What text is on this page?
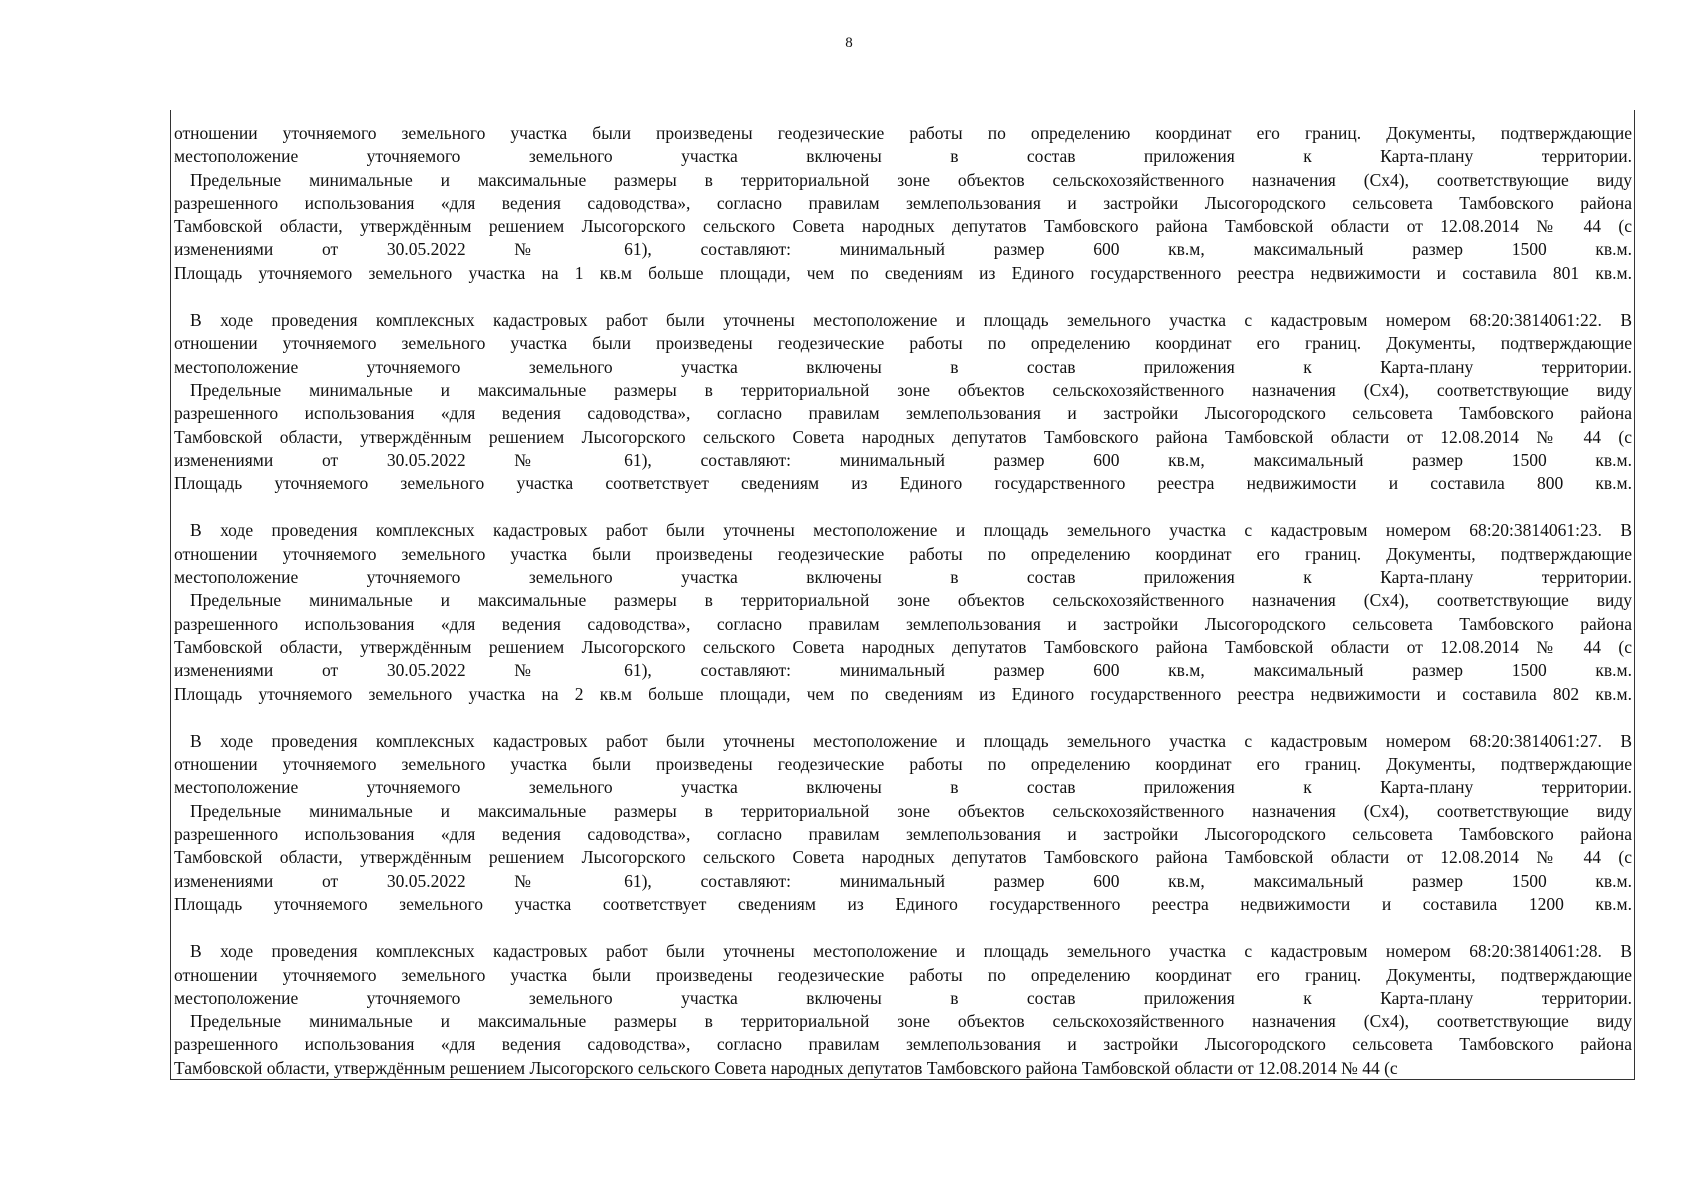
8
отношении уточняемого земельного участка были произведены геодезические работы по определению координат его границ. Документы, подтверждающие
местоположение уточняемого земельного участка включены в состав приложения к Карта-плану территории.
Предельные минимальные и максимальные размеры в территориальной зоне объектов сельскохозяйственного назначения (Сх4), соответствующие виду
разрешенного использования «для ведения садоводства», согласно правилам землепользования и застройки Лысогородского сельсовета Тамбовского района
Тамбовской области, утверждённым решением Лысогорского сельского Совета народных депутатов Тамбовского района Тамбовской области от 12.08.2014 № 44 (с
изменениями от 30.05.2022 № 61), составляют: минимальный размер 600 кв.м, максимальный размер 1500 кв.м.
Площадь уточняемого земельного участка на 1 кв.м больше площади, чем по сведениям из Единого государственного реестра недвижимости и составила 801 кв.м.
В ходе проведения комплексных кадастровых работ были уточнены местоположение и площадь земельного участка с кадастровым номером 68:20:3814061:22. В
отношении уточняемого земельного участка были произведены геодезические работы по определению координат его границ. Документы, подтверждающие
местоположение уточняемого земельного участка включены в состав приложения к Карта-плану территории.
Предельные минимальные и максимальные размеры в территориальной зоне объектов сельскохозяйственного назначения (Сх4), соответствующие виду
разрешенного использования «для ведения садоводства», согласно правилам землепользования и застройки Лысогородского сельсовета Тамбовского района
Тамбовской области, утверждённым решением Лысогорского сельского Совета народных депутатов Тамбовского района Тамбовской области от 12.08.2014 № 44 (с
изменениями от 30.05.2022 № 61), составляют: минимальный размер 600 кв.м, максимальный размер 1500 кв.м.
Площадь уточняемого земельного участка соответствует сведениям из Единого государственного реестра недвижимости и составила 800 кв.м.
В ходе проведения комплексных кадастровых работ были уточнены местоположение и площадь земельного участка с кадастровым номером 68:20:3814061:23. В
отношении уточняемого земельного участка были произведены геодезические работы по определению координат его границ. Документы, подтверждающие
местоположение уточняемого земельного участка включены в состав приложения к Карта-плану территории.
Предельные минимальные и максимальные размеры в территориальной зоне объектов сельскохозяйственного назначения (Сх4), соответствующие виду
разрешенного использования «для ведения садоводства», согласно правилам землепользования и застройки Лысогородского сельсовета Тамбовского района
Тамбовской области, утверждённым решением Лысогорского сельского Совета народных депутатов Тамбовского района Тамбовской области от 12.08.2014 № 44 (с
изменениями от 30.05.2022 № 61), составляют: минимальный размер 600 кв.м, максимальный размер 1500 кв.м.
Площадь уточняемого земельного участка на 2 кв.м больше площади, чем по сведениям из Единого государственного реестра недвижимости и составила 802 кв.м.
В ходе проведения комплексных кадастровых работ были уточнены местоположение и площадь земельного участка с кадастровым номером 68:20:3814061:27. В
отношении уточняемого земельного участка были произведены геодезические работы по определению координат его границ. Документы, подтверждающие
местоположение уточняемого земельного участка включены в состав приложения к Карта-плану территории.
Предельные минимальные и максимальные размеры в территориальной зоне объектов сельскохозяйственного назначения (Сх4), соответствующие виду
разрешенного использования «для ведения садоводства», согласно правилам землепользования и застройки Лысогородского сельсовета Тамбовского района
Тамбовской области, утверждённым решением Лысогорского сельского Совета народных депутатов Тамбовского района Тамбовской области от 12.08.2014 № 44 (с
изменениями от 30.05.2022 № 61), составляют: минимальный размер 600 кв.м, максимальный размер 1500 кв.м.
Площадь уточняемого земельного участка соответствует сведениям из Единого государственного реестра недвижимости и составила 1200 кв.м.
В ходе проведения комплексных кадастровых работ были уточнены местоположение и площадь земельного участка с кадастровым номером 68:20:3814061:28. В
отношении уточняемого земельного участка были произведены геодезические работы по определению координат его границ. Документы, подтверждающие
местоположение уточняемого земельного участка включены в состав приложения к Карта-плану территории.
Предельные минимальные и максимальные размеры в территориальной зоне объектов сельскохозяйственного назначения (Сх4), соответствующие виду
разрешенного использования «для ведения садоводства», согласно правилам землепользования и застройки Лысогородского сельсовета Тамбовского района
Тамбовской области, утверждённым решением Лысогорского сельского Совета народных депутатов Тамбовского района Тамбовской области от 12.08.2014 № 44 (с
